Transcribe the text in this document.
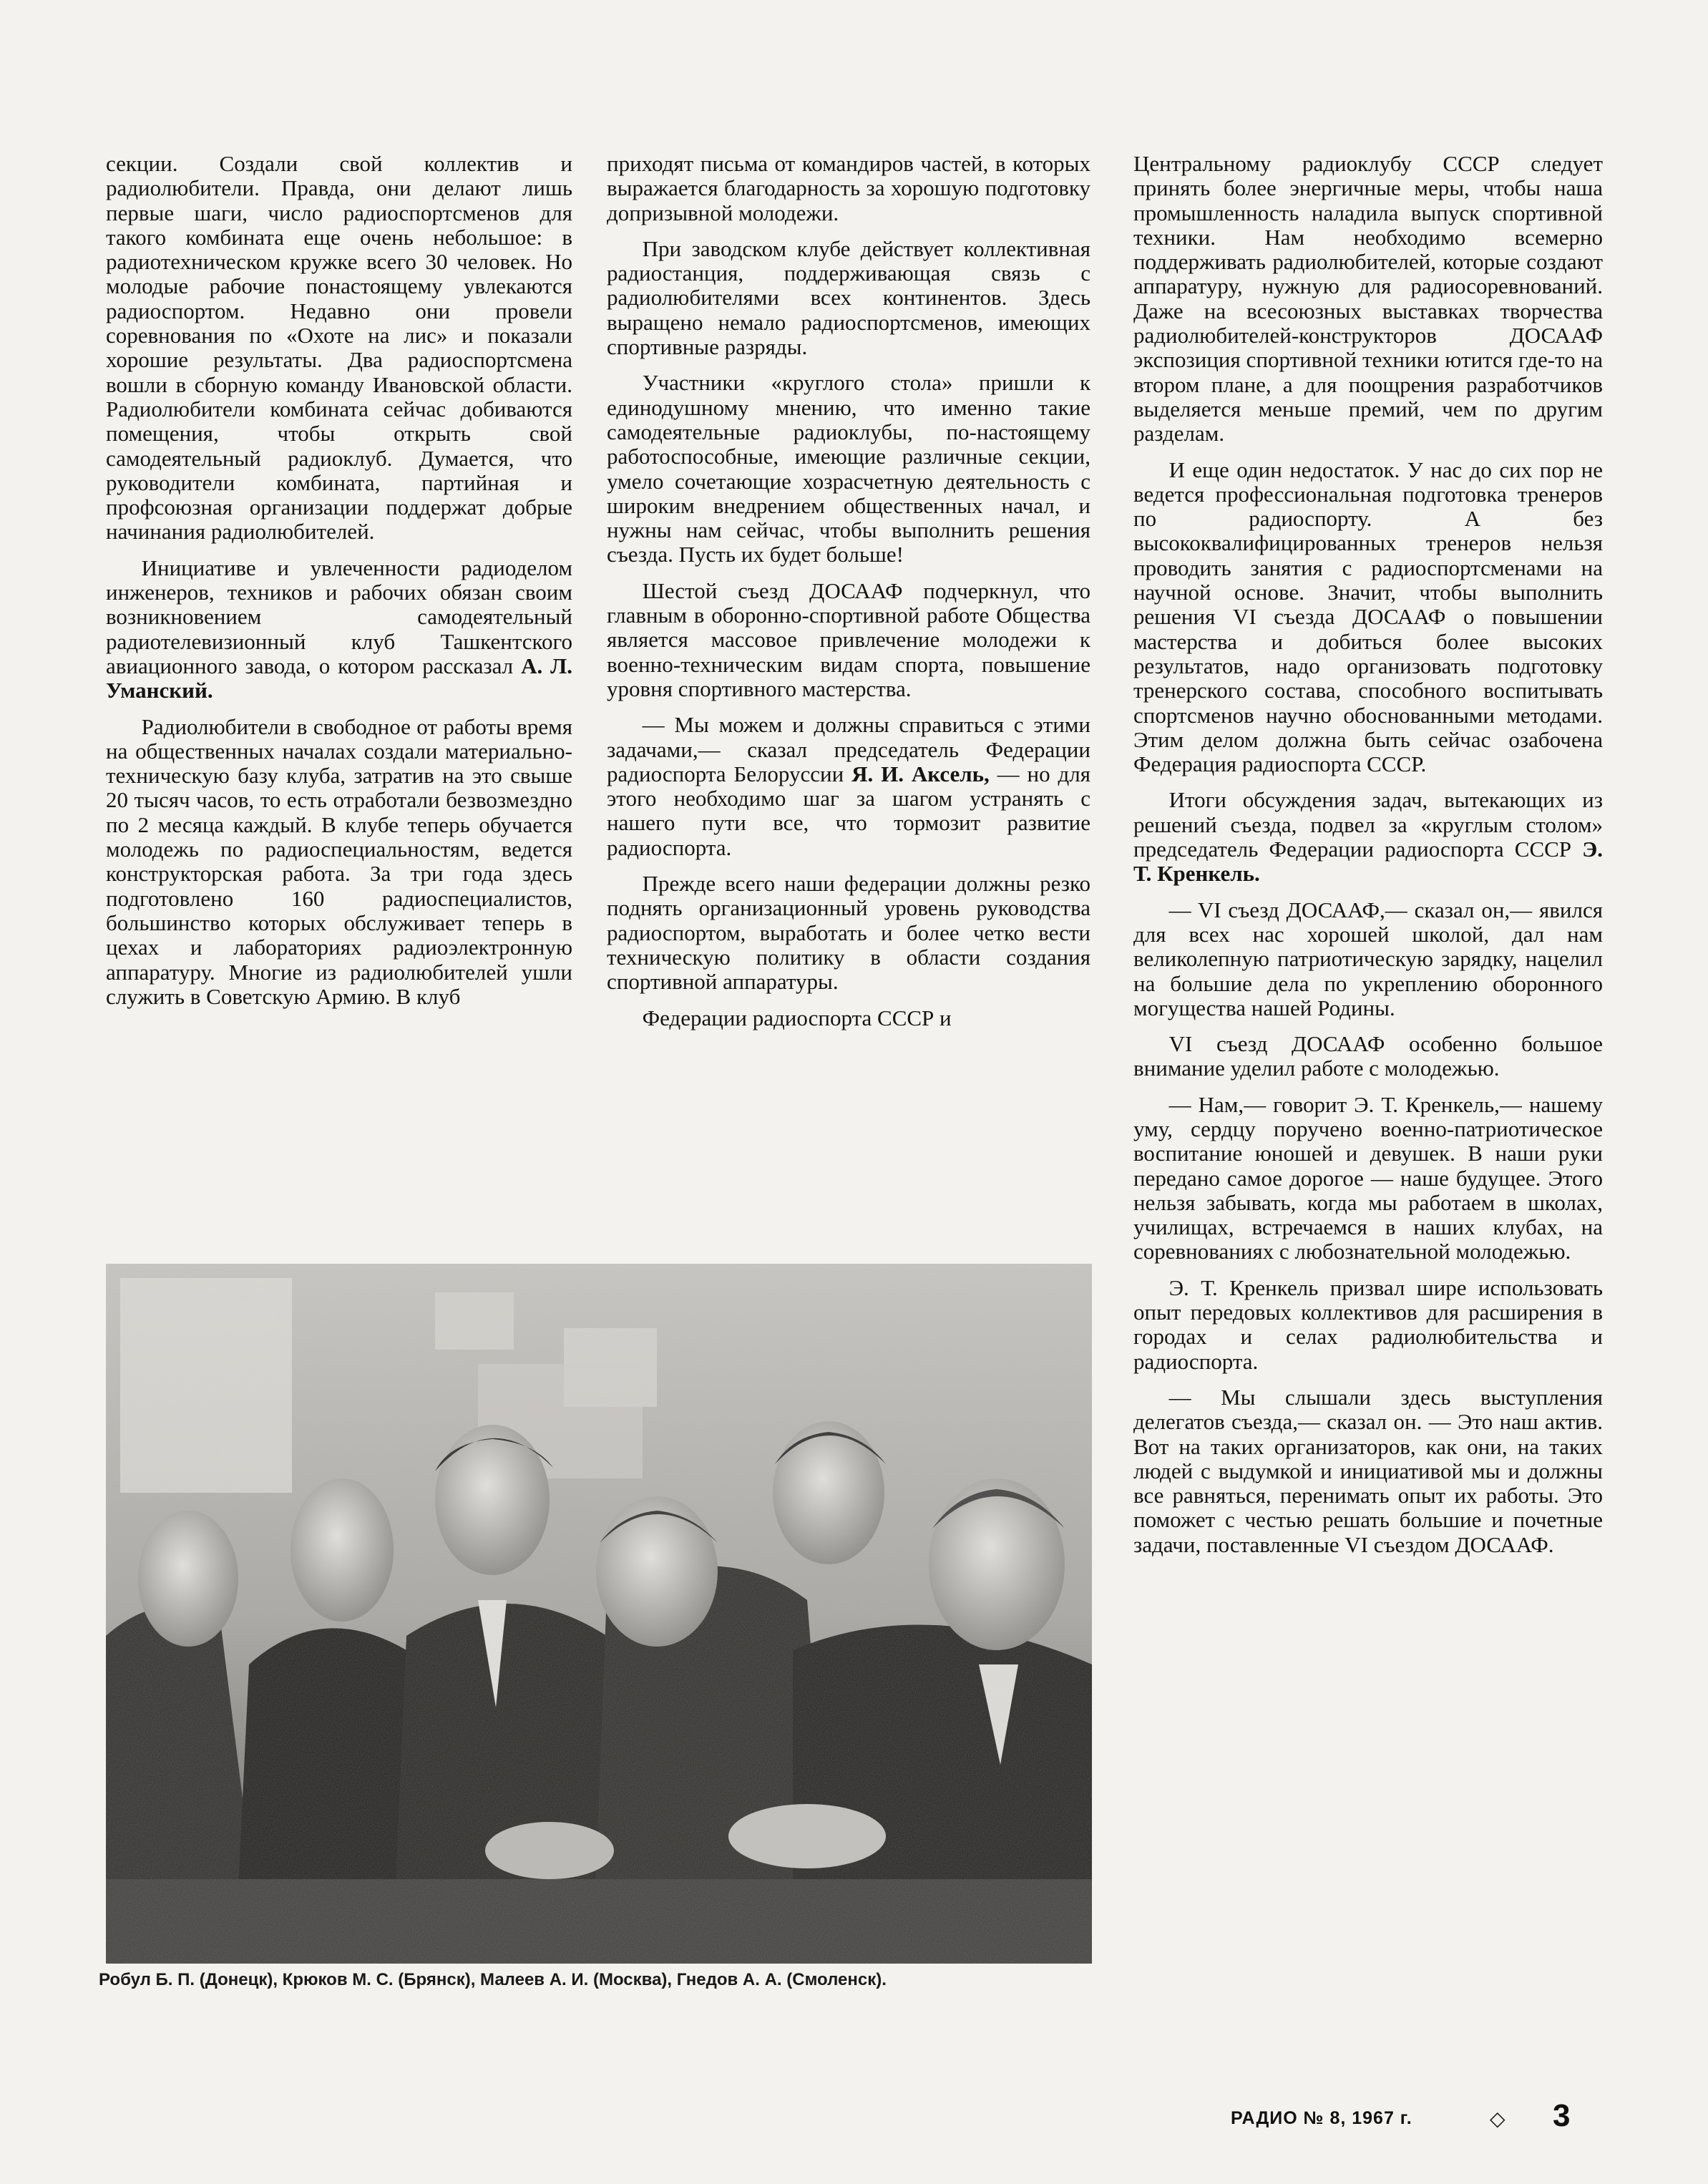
секции. Создали свой коллектив и радиолюбители. Правда, они делают лишь первые шаги, число радиоспортсменов для такого комбината еще очень небольшое: в радиотехническом кружке всего 30 человек. Но молодые рабочие понастоящему увлекаются радиоспортом. Недавно они провели соревнования по «Охоте на лис» и показали хорошие результаты. Два радиоспортсмена вошли в сборную команду Ивановской области. Радиолюбители комбината сейчас добиваются помещения, чтобы открыть свой самодеятельный радиоклуб. Думается, что руководители комбината, партийная и профсоюзная организации поддержат добрые начинания радиолюбителей.

Инициативе и увлеченности радиоделом инженеров, техников и рабочих обязан своим возникновением самодеятельный радиотелевизионный клуб Ташкентского авиационного завода, о котором рассказал А. Л. Уманский.

Радиолюбители в свободное от работы время на общественных началах создали материально-техническую базу клуба, затратив на это свыше 20 тысяч часов, то есть отработали безвозмездно по 2 месяца каждый. В клубе теперь обучается молодежь по радиоспециальностям, ведется конструкторская работа. За три года здесь подготовлено 160 радиоспециалистов, большинство которых обслуживает теперь в цехах и лабораториях радиоэлектронную аппаратуру. Многие из радиолюбителей ушли служить в Советскую Армию. В клуб

приходят письма от командиров частей, в которых выражается благодарность за хорошую подготовку допризывной молодежи.

При заводском клубе действует коллективная радиостанция, поддерживающая связь с радиолюбителями всех континентов. Здесь выращено немало радиоспортсменов, имеющих спортивные разряды.

Участники «круглого стола» пришли к единодушному мнению, что именно такие самодеятельные радиоклубы, по-настоящему работоспособные, имеющие различные секции, умело сочетающие хозрасчетную деятельность с широким внедрением общественных начал, и нужны нам сейчас, чтобы выполнить решения съезда. Пусть их будет больше!

Шестой съезд ДОСААФ подчеркнул, что главным в оборонно-спортивной работе Общества является массовое привлечение молодежи к военно-техническим видам спорта, повышение уровня спортивного мастерства.

— Мы можем и должны справиться с этими задачами,— сказал председатель Федерации радиоспорта Белоруссии Я. И. Аксель, — но для этого необходимо шаг за шагом устранять с нашего пути все, что тормозит развитие радиоспорта.

Прежде всего наши федерации должны резко поднять организационный уровень руководства радиоспортом, выработать и более четко вести техническую политику в области создания спортивной аппаратуры.

Федерации радиоспорта СССР и

Центральному радиоклубу СССР следует принять более энергичные меры, чтобы наша промышленность наладила выпуск спортивной техники. Нам необходимо всемерно поддерживать радиолюбителей, которые создают аппаратуру, нужную для радиосоревнований. Даже на всесоюзных выставках творчества радиолюбителей-конструкторов ДОСААФ экспозиция спортивной техники ютится где-то на втором плане, а для поощрения разработчиков выделяется меньше премий, чем по другим разделам.

И еще один недостаток. У нас до сих пор не ведется профессиональная подготовка тренеров по радиоспорту. А без высококвалифицированных тренеров нельзя проводить занятия с радиоспортсменами на научной основе. Значит, чтобы выполнить решения VI съезда ДОСААФ о повышении мастерства и добиться более высоких результатов, надо организовать подготовку тренерского состава, способного воспитывать спортсменов научно обоснованными методами. Этим делом должна быть сейчас озабочена Федерация радиоспорта СССР.

Итоги обсуждения задач, вытекающих из решений съезда, подвел за «круглым столом» председатель Федерации радиоспорта СССР Э. Т. Кренкель.

— VI съезд ДОСААФ,— сказал он,— явился для всех нас хорошей школой, дал нам великолепную патриотическую зарядку, нацелил на большие дела по укреплению оборонного могущества нашей Родины.

VI съезд ДОСААФ особенно большое внимание уделил работе с молодежью.

— Нам,— говорит Э. Т. Кренкель,— нашему уму, сердцу поручено военно-патриотическое воспитание юношей и девушек. В наши руки передано самое дорогое — наше будущее. Этого нельзя забывать, когда мы работаем в школах, училищах, встречаемся в наших клубах, на соревнованиях с любознательной молодежью.

Э. Т. Кренкель призвал шире использовать опыт передовых коллективов для расширения в городах и селах радиолюбительства и радиоспорта.

— Мы слышали здесь выступления делегатов съезда,— сказал он. — Это наш актив. Вот на таких организаторов, как они, на таких людей с выдумкой и инициативой мы и должны все равняться, перенимать опыт их работы. Это поможет с честью решать большие и почетные задачи, поставленные VI съездом ДОСААФ.

Робул Б. П. (Донецк), Крюков М. С. (Брянск), Малеев А. И. (Москва), Гнедов А. А. (Смоленск).
РАДИО № 8, 1967 г.	◇ 3
